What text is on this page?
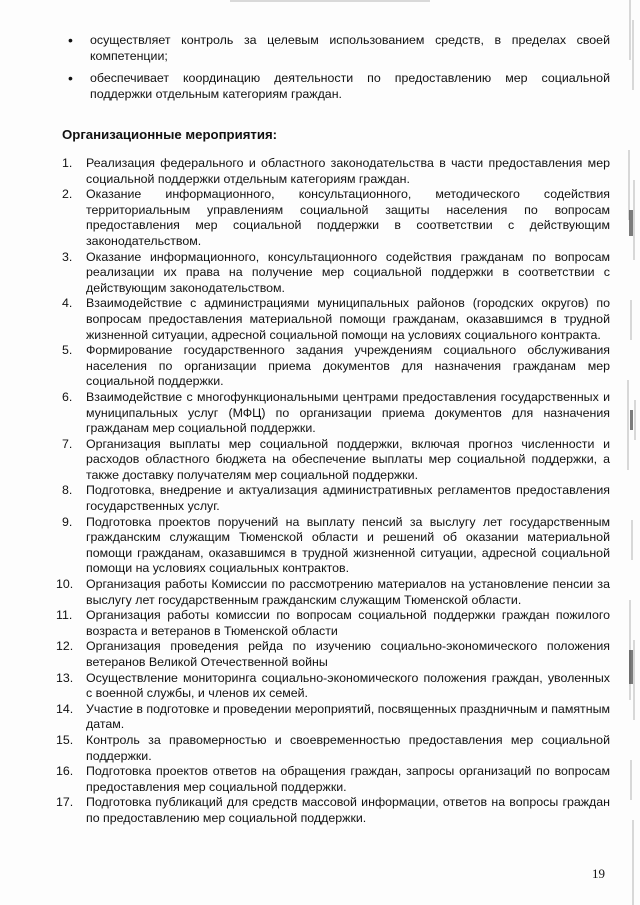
• осуществляет контроль за целевым использованием средств, в пределах своей компетенции;
• обеспечивает координацию деятельности по предоставлению мер социальной поддержки отдельным категориям граждан.
Организационные мероприятия:
1.	Реализация федерального и областного законодательства в части предоставления мер социальной поддержки отдельным категориям граждан.
2.	Оказание информационного, консультационного, методического содействия территориальным управлениям социальной защиты населения по вопросам предоставления мер социальной поддержки в соответствии с действующим законодательством.
3.	Оказание информационного, консультационного содействия гражданам по вопросам реализации их права на получение мер социальной поддержки в соответствии с действующим законодательством.
4.	Взаимодействие с администрациями муниципальных районов (городских округов) по вопросам предоставления материальной помощи гражданам, оказавшимся в трудной жизненной ситуации, адресной социальной помощи на условиях социального контракта.
5.	Формирование государственного задания учреждениям социального обслуживания населения по организации приема документов для назначения гражданам мер социальной поддержки.
6.	Взаимодействие с многофункциональными центрами предоставления государственных и муниципальных услуг (МФЦ) по организации приема документов для назначения гражданам мер социальной поддержки.
7.	Организация выплаты мер социальной поддержки, включая прогноз численности и расходов областного бюджета на обеспечение выплаты мер социальной поддержки, а также доставку получателям мер социальной поддержки.
8.	Подготовка, внедрение и актуализация административных регламентов предоставления государственных услуг.
9.	Подготовка проектов поручений на выплату пенсий за выслугу лет государственным гражданским служащим Тюменской области и решений об оказании материальной помощи гражданам, оказавшимся в трудной жизненной ситуации, адресной социальной помощи на условиях социальных контрактов.
10.	Организация работы Комиссии по рассмотрению материалов на установление пенсии за выслугу лет государственным гражданским служащим Тюменской области.
11.	Организация работы комиссии по вопросам социальной поддержки граждан пожилого возраста и ветеранов в Тюменской области
12.	Организация проведения рейда по изучению социально-экономического положения ветеранов Великой Отечественной войны
13.	Осуществление мониторинга социально-экономического положения граждан, уволенных с военной службы, и членов их семей.
14.	Участие в подготовке и проведении мероприятий, посвященных праздничным и памятным датам.
15.	Контроль за правомерностью и своевременностью предоставления мер социальной поддержки.
16.	Подготовка проектов ответов на обращения граждан, запросы организаций по вопросам предоставления мер социальной поддержки.
17.	Подготовка публикаций для средств массовой информации, ответов на вопросы граждан по предоставлению мер социальной поддержки.
19
